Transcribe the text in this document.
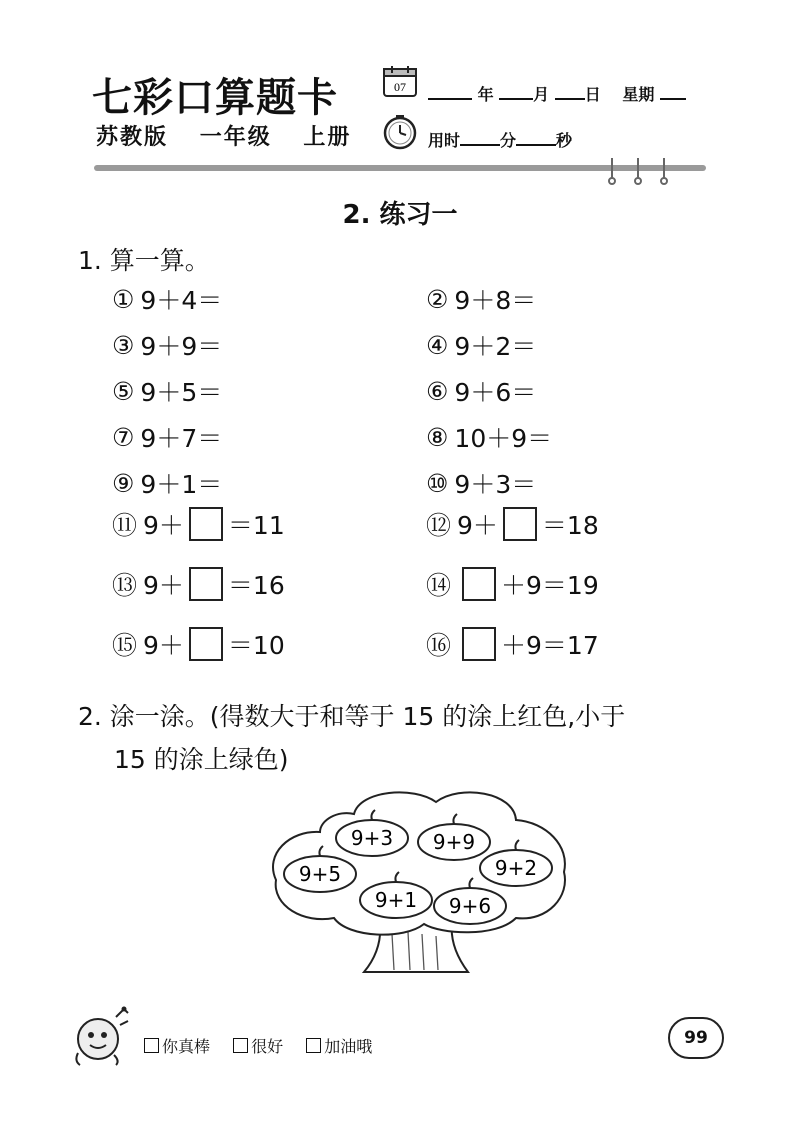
七彩口算题卡
苏教版 一年级 上册
07	年 月 日 星期
用时	分	秒
2. 练习一
1. 算一算。
① 9＋4＝
③ 9＋9＝
⑤ 9＋5＝
⑦ 9＋7＝
⑨ 9＋1＝
⑪ 9＋ ＝11
⑬ 9＋ ＝16
⑮ 9＋ ＝10
② 9＋8＝
④ 9＋2＝
⑥ 9＋6＝
⑧ 10＋9＝
⑩ 9＋3＝
⑫ 9＋ ＝18
⑭ ＋9＝19
⑯ ＋9＝17
2. 涂一涂。(得数大于和等于 15 的涂上红色,小于
15 的涂上绿色)
9+3 9+9
9+5	9+2
9+1 9+6
你真棒	很好	加油哦	99
